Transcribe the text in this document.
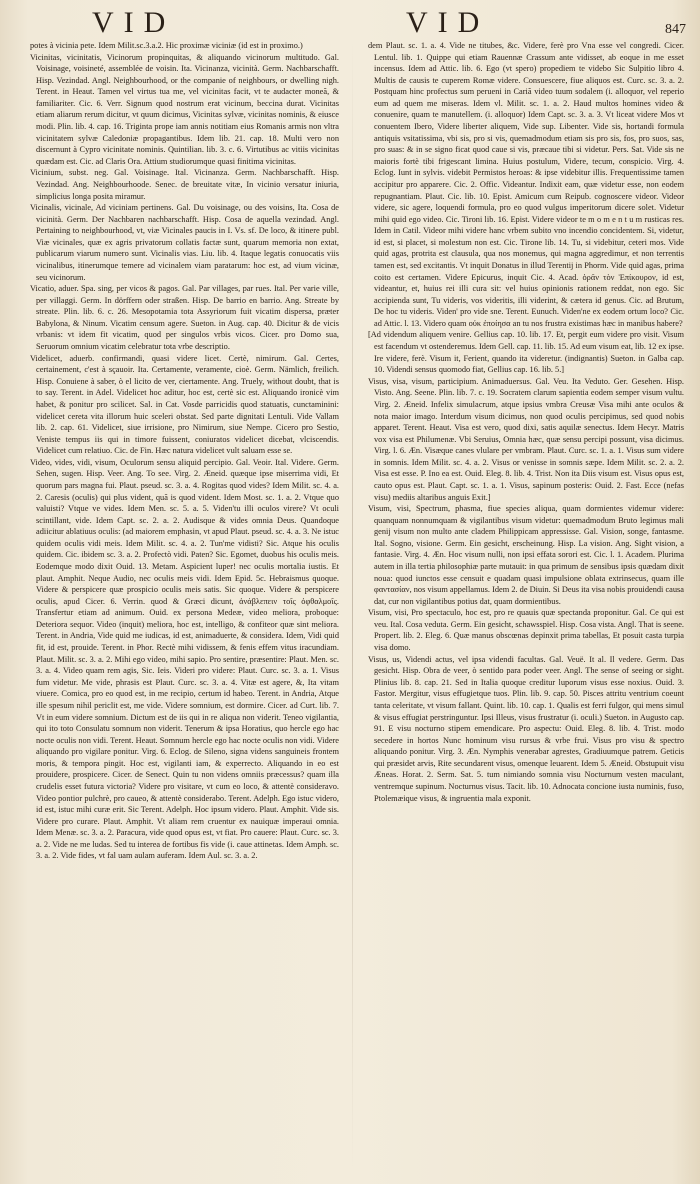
VID	VID	847

potes à vicinia pete. Idem Milit.sc.3.a.2. Hic proximæ viciniæ (id est in proximo.)

Vicinitas, vicinitatis, Vicinorum propinquitas, & aliquando vicinorum multitudo. Gal. Voisinage, voisineté, assemblée de voisin. Ita. Vicinanza, vicinità. Germ. Nachbarschafft. Hisp. Vezindad. Angl. Neighbourhood, or the companie of neighbours, or dwelling nigh. Terent. in Heaut. Tamen vel virtus tua me, vel vicinitas facit, vt te audacter moneã, & familiariter. Cic. 6. Verr. Signum quod nostrum erat vicinum, beccina durat. Vicinitas etiam aliarum rerum dicitur, vt quum dicimus, Vicinitas sylvæ, vicinitas nominis, & eiusce modi. Plin. lib. 4. cap. 16. Triginta prope iam annis notitiam eius Romanis armis non vltra vicinitatem sylvæ Caledoniæ propagantibus. Idem lib. 21. cap. 18. Multi vero non discernunt à Cypro vicinitate nominis. Quintilian. lib. 3. c. 6. Virtutibus ac vitiis vicinitas quædam est. Cic. ad Claris Ora. Attium studiorumque quasi finitima vicinitas.

Vicinium, subst. neg. Gal. Voisinage. Ital. Vicinanza. Germ. Nachbarschafft. Hisp. Vezindad. Ang. Neighbourhoode. Senec. de breuitate vitæ, In vicinio versatur iniuria, simplicius longa posita miramur.

Vicinalis, vicinale, Ad viciniam pertinens. Gal. Du voisinage, ou des voisins, Ita. Cosa de vicinità. Germ. Der Nachbaren nachbarschafft. Hisp. Cosa de aquella vezindad. Angl. Pertaining to neighbourhood, vt, viæ Vicinales paucis in I. Vs. sf. De loco, & itinere publ. Viæ vicinales, quæ ex agris privatorum collatis factæ sunt, quarum memoria non extat, publicarum viarum numero sunt. Vicinalis vias. Liu. lib. 4. Itaque legatis conuocatis viis vicinalibus, itinerumque temere ad vicinalem viam paratarum: hoc est, ad vium vicinæ, seu vicinorum.

Vicatio, aduer. Spa. sing, per vicos & pagos. Gal. Par villages, par rues. Ital. Per varie ville, per villaggi. Germ. In dörffern oder straßen. Hisp. De barrio en barrio. Ang. Streate by streate. Plin. lib. 6. c. 26. Mesopotamia tota Assyriorum fuit vicatim dispersa, præter Babylona, & Ninum. Vicatim censum agere. Sueton. in Aug. cap. 40. Dicitur & de vicis vrbanis: vt idem fit vicatim, quod per singulos vrbis vicos. Cicer. pro Domo sua, Seruorum omnium vicatim celebratur tota vrbe descriptio.

Videlicet, aduerb. confirmandi, quasi videre licet. Certè, nimirum. Gal. Certes, certainement, c'est à sçauoir. Ita. Certamente, veramente, cioè. Germ. Nämlich, freilich. Hisp. Conuiene à saber, ò el licito de ver, ciertamente. Ang. Truely, without doubt, that is to say. Terent. in Adel. Videlicet hoc aditur, hoc est, certè sic est. Aliquando ironicè vim habet, & ponitur pro scilicet. Sal. in Cat. Vosde parricidis quod statuatis, cunctaminini: videlicet cereta vita illorum huic sceleri obstat. Sed parte dignitati Lentuli. Vide Vallam lib. 2. cap. 61. Videlicet, siue irrisione, pro Nimirum, siue Nempe. Cicero pro Sestio, Veniste tempus iis qui in timore fuissent, coniuratos videlicet dicebat, vlciscendis. Videlicet cum relatiuo. Cic. de Fin. Hæc natura videlicet vult saluam esse se.

Video, vides, vidi, visum, Oculorum sensu aliquid percipio. Gal. Veoir. Ital. Videre. Germ. Sehen, sugen. Hisp. Veer. Ang. To see. Virg. 2. Æneid. quæque ipse miserrima vidi, Et quorum pars magna fui. Plaut. pseud. sc. 3. a. 4. Rogitas quod vides? Idem Milit. sc. 4. a. 2. Caresis (oculis) qui plus vident, quã is quod vident. Idem Most. sc. 1. a. 2. Vtque quo valuisti? Vtque ve vides. Idem Men. sc. 5. a. 5. Viden'tu illi oculos virere? Vt oculi scintillant, vide. Idem Capt. sc. 2. a. 2. Audisque & vides omnia Deus. Quandoque adiicitur ablatiuus oculis: (ad maiorem emphasin, vt apud Plaut. pseud. sc. 4. a. 3. Ne istuc quidem oculis vidi meis. Idem Milit. sc. 4. a. 2. Tun'me vidisti? Sic. Atque his oculis quidem. Cic. ibidem sc. 3. a. 2. Profectò vidi. Paten? Sic. Egomet, duobus his oculis meis. Eodemque modo dixit Ouid. 13. Metam. Aspicient luper! nec oculis mortalia iustis. Et plaut. Amphit. Neque Audio, nec oculis meis vidi. Idem Epid. 5c. Hebraismus quoque. Videre & perspicere quæ prospicio oculis meis satis. Sic quoque. Videre & perspicere oculis, apud Cicer. 6. Verrin. quod & Græci dicunt, ἀνάβλεπειν τοῖς ὀφθαλμοῖς. Transfertur etiam ad animum. Ouid. ex persona Medeæ, video meliora, proboque: Deteriora sequor. Video (inquit) meliora, hoc est, intelligo, & confiteor quæ sint meliora. Terent. in Andria, Vide quid me iudicas, id est, animaduerte, & considera. Idem, Vidi quid fit, id est, prouide. Terent. in Phor. Rectè mihi vidissem, & fenis effem vitus iracundiam. Plaut. Milit. sc. 3. a. 2. Mihi ego video, mihi sapio. Pro sentire, præsentire: Plaut. Men. sc. 3. a. 4. Video quam rem agis, Sic. Ieis. Videri pro videre: Plaut. Curc. sc. 3. a. 1. Visus fum videtur. Me vide, phrasis est Plaut. Curc. sc. 3. a. 4. Vitæ est agere, &, Ita vitam viuere. Comica, pro eo quod est, in me recipio, certum id habeo. Terent. in Andria, Atque ille spesum nihil periclit est, me vide. Videre somnium, est dormire. Cicer. ad Curt. lib. 7. Vt in eum videre somnium. Dictum est de iis qui in re aliqua non viderit. Teneo vigilantia, qui ito toto Consulatu somnum non viderit. Tenerum & ipsa Horatius, quo hercle ego hac nocte oculis non vidi. Terent. Heaut. Somnum hercle ego hac nocte oculis non vidi. Videre aliquando pro vigilare ponitur. Virg. 6. Eclog. de Sileno, signa videns sanguineis frontem moris, & tempora pingit. Hoc est, vigilanti iam, & experrecto. Aliquando in eo est prouidere, prospicere. Cicer. de Senect. Quin tu non videns omniis præcessus? quam illa crudelis esset futura victoria? Videre pro visitare, vt cum eo loco, & attentè consideravo. Video pontior pulchrè, pro caueo, & attentè considerabo. Terent. Adelph. Ego istuc videro, id est, istuc mihi curæ erit. Sic Terent. Adelph. Hoc ipsum videro. Plaut. Amphit. Vide sis. Videre pro curare. Plaut. Amphit. Vt aliam rem cruentur ex nauiquæ imperaui omnia. Idem Menæ. sc. 3. a. 2. Paracura, vide quod opus est, vt fiat. Pro cauere: Plaut. Curc. sc. 3. a. 2. Vide ne me ludas. Sed tu interea de fortibus fis vide (i. caue attinetas. Idem Amph. sc. 3. a. 2. Vide fides, vt fal uam aulam auferam. Idem Aul. sc. 3. a. 2.

dem Plaut. sc. 1. a. 4. Vide ne titubes, &c. Videre, ferè pro Vna esse vel congredi. Cicer. Lentul. lib. 1. Quippe qui etiam Rauennæ Crassum ante vidisset, ab eoque in me esset incensus. Idem ad Attic. lib. 6. Ego (vt spero) propediem te videbo Sic Sulpitio libro 4. Multis de causis te cuperem Romæ videre. Consuescere, fiue aliquos est. Curc. sc. 3. a. 2. Postquam hinc profectus sum perueni in Cariã video tuum sodalem (i. alloquor, vel reperio eum ad quem me miseras. Idem vl. Milit. sc. 1. a. 2. Haud multos homines video & conuenire, quam te manutellem. (i. alloquor) Idem Capt. sc. 3. a. 3. Vt liceat videre Mos vt conuentem Ibero, Videre liberter aliquem, Vide sup. Libenter. Vide sis, hortandi formula antiquis vsitatissima, vbi sis, pro si vis, quemadmodum etiam sis pro sis, fos, pro suos, sas, pro suas: & in se signo ficat quod caue si vis, præcaue tibi si videtur. Pers. Sat. Vide sis ne maioris fortè tibi frigescant limina. Huius postulum, Videre, tecum, conspicio. Virg. 4. Eclog. Iunt in sylvis. videbit Permistos heroas: & ipse videbitur illis. Frequentissime tamen accipitur pro apparere. Cic. 2. Offic. Videantur. Indixit eam, quæ videtur esse, non eodem repugnantiam. Plaut. Cic. lib. 10. Epist. Amicum cum Reipub. cognoscere videor. Videor videre, sic agere, loquendi formula, pro eo quod vulgus imperitorum dicere solet. Videtur mihi quid ego video. Cic. Tironi lib. 16. Epist. Videre videor te m o m e n t u m rusticas res. Idem in Catil. Videor mihi videre hanc vrbem subito vno incendio concidentem. Si, videtur, id est, si placet, si molestum non est. Cic. Tirone lib. 14. Tu, si videbitur, ceteri mos. Vide quid agas, protrita est clausula, qua nos monemus, qui magna aggredimur, et non terrentis tamen est, sed excitantis. Vt inquit Donatus in illud Terentij in Phorm. Vide quid agas, prima coito est certamen. Videre Epicurus, inquit Cic. 4. Acad. ὁρᾶν τὸν Ἐπίκουρον, id est, videantur, et, huius rei illi cura sit: vel huius opinionis rationem reddat, non ego. Sic accipienda sunt, Tu videris, vos videritis, illi viderint, & cætera id genus. Cic. ad Brutum, De hoc tu videris. Viden' pro vide sne. Terent. Eunuch. Viden'ne ex eodem ortum loco? Cic. ad Attic. l. 13. Videro quam οὐκ ἐποίησα an tu nos frustra existimas hæc in manibus habere?

[Ad videndum aliquem venire. Gellius cap. 10. lib. 17. Et, pergit eum videre pro visit. Visum est facendum vt ostenderemus. Idem Gell. cap. 11. lib. 15. Ad eum visum eat, lib. 12 ex ipse. Ire videre, ferè. Visum it, Ferient, quando ita videretur. (indignantis) Sueton. in Galba cap. 10. Videndi sensus quomodo fiat, Gellius cap. 16. lib. 5.]

Visus, visa, visum, participium. Animaduersus. Gal. Veu. Ita Veduto. Ger. Gesehen. Hisp. Visto. Ang. Seene. Plin. lib. 7. c. 19. Socratem clarum sapientia eodem semper visum vultu. Virg. 2. Æneid. Infelix simulacrum, atque ipsius vmbra Creusæ Visa mihi ante oculos & nota maior imago. Interdum visum dicimus, non quod oculis percipimus, sed quod nobis apparet. Terent. Heaut. Visa est vero, quod dixi, satis aquilæ senectus. Idem Hecyr. Matris vox visa est Philumenæ. Vbi Seruius, Omnia hæc, quæ sensu percipi possunt, visa dicimus. Virg. l. 6. Æn. Visæque canes vlulare per vmbram. Plaut. Curc. sc. 1. a. 1. Visus sum videre in somnis. Idem Milit. sc. 4. a. 2. Visus or venisse in somnis sæpe. Idem Milit. sc. 2. a. 2. Visa est esse. P. Ino ea est. Ouid. Eleg. 8. lib. 4. Trist. Non ita Diis visum est. Visus opus est, cauto opus est. Plaut. Capt. sc. 1. a. 1. Visus, sapinum posteris: Ouid. 2. Fast. Ecce (nefas visu) mediis altaribus anguis Exit.]

Visum, visi, Spectrum, phasma, fiue species aliqua, quam dormientes videmur videre: quanquam nonnumquam & vigilantibus visum videtur: quemadmodum Bruto legimus mali genij visum non multo ante cladem Philippicam appressisse. Gal. Vision, songe, fantasme. Ital. Sogno, visione. Germ. Ein gesicht, erscheinung. Hisp. La vision. Ang. Sight vision, a fantasie. Virg. 4. Æn. Hoc visum nulli, non ipsi effata sorori est. Cic. l. 1. Academ. Plurima autem in illa tertia philosophiæ parte mutauit: in qua primum de sensibus ipsis quædam dixit noua: quod iunctos esse censuit e quadam quasi impulsione oblata extrinsecus, quam ille φαντασίαν, nos visum appellamus. Idem 2. de Diuin. Si Deus ita visa nobis prouidendi causa dat, cur non vigilantibus potius dat, quam dormientibus.

Visum, visi, Pro spectaculo, hoc est, pro re quauis quæ spectanda proponitur. Gal. Ce qui est veu. Ital. Cosa veduta. Germ. Ein gesicht, schawsspiel. Hisp. Cosa vista. Angl. That is seene. Propert. lib. 2. Eleg. 6. Quæ manus obscœnas depinxit prima tabellas, Et posuit casta turpia visa domo.

Visus, us, Videndi actus, vel ipsa videndi facultas. Gal. Veuë. It al. Il vedere. Germ. Das gesicht. Hisp. Obra de veer, ò sentido para poder veer. Angl. The sense of seeing or sight. Plinius lib. 8. cap. 21. Sed in Italia quoque creditur luporum visus esse noxius. Ouid. 3. Fastor. Mergitur, visus effugietque tuos. Plin. lib. 9. cap. 50. Pisces attritu ventrium coeunt tanta celeritate, vt visum fallant. Quint. lib. 10. cap. 1. Qualis est ferri fulgor, qui mens simul & visus effugiat perstringuntur. Ipsi Illeus, visus frustratur (i. oculi.) Sueton. in Augusto cap. 91. E visu nocturno stipem emendicare. Pro aspectu: Ouid. Eleg. 8. lib. 4. Trist. modo secedere in hortos Nunc hominum visu rursus & vrbe frui. Visus pro visu & spectro aliquando ponitur. Virg. 3. Æn. Nymphis venerabar agrestes, Gradiuumque patrem. Geticis qui præsidet arvis, Rite secundarent visus, omenque leuarent. Idem 5. Æneid. Obstupuit visu Æneas. Horat. 2. Serm. Sat. 5. tum nimiando somnia visu Nocturnum vesten maculant, ventremque supinum. Nocturnus visus. Tacit. lib. 10. Adnocata concione iusta numinis, fuso, Ptolemæique visus, & ingruentia mala exponit.
